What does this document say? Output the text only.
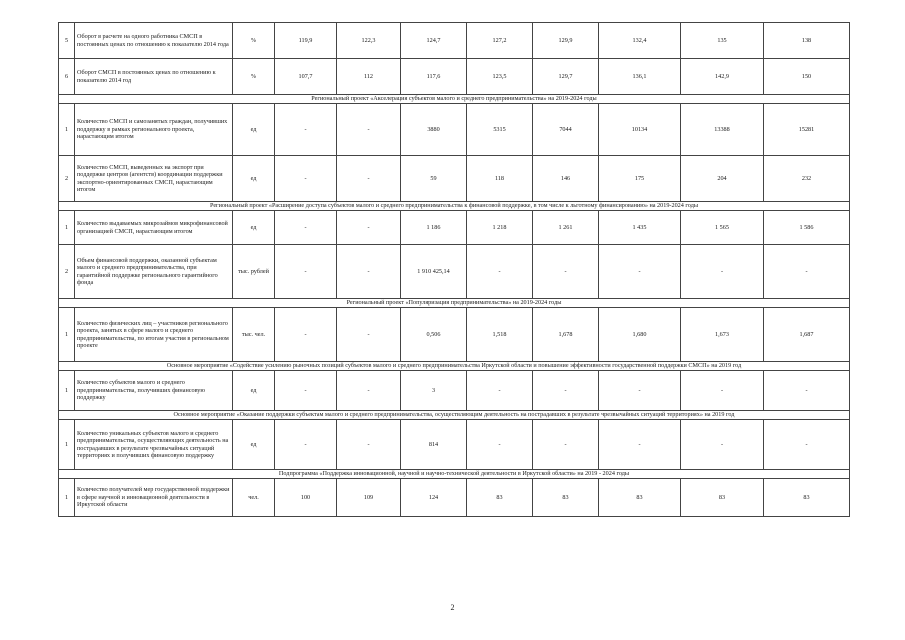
5	Оборот в расчете на одного работника СМСП в постоянных ценах по отношению к показателю 2014 года	%	119,9	122,3	124,7	127,2	129,9	132,4	135	138
6	Оборот СМСП в постоянных ценах по отношению к показателю 2014 год	%	107,7	112	117,6	123,5	129,7	136,1	142,9	150
Региональный проект «Акселерация субъектов малого и среднего предпринимательства» на 2019-2024 годы										
1	Количество СМСП и самозанятых граждан, получивших поддержку в рамках регионального проекта, нарастающим итогом	ед	-	-	3880	5315	7044	10134	13388	15281
2	Количество СМСП, выведенных на экспорт при поддержке центров (агентств) координации поддержки экспортно-ориентированных СМСП, нарастающим итогом	ед	-	-	59	118	146	175	204	232
Региональный проект «Расширение доступа субъектов малого и среднего предпринимательства к финансовой поддержке, в том числе к льготному финансированию» на 2019-2024 годы										
1	Количество выдаваемых микрозаймов микрофинансовой организацией СМСП, нарастающим итогом	ед	-	-	1 186	1 218	1 261	1 435	1 565	1 586
2	Объем финансовой поддержки, оказанной субъектам малого и среднего предпринимательства, при гарантийной поддержке регионального гарантийного фонда	тыс. рублей	-	-	1 910 425,14	-	-	-	-	-
Региональный проект «Популяризация предпринимательства» на 2019-2024 годы										
1	Количество физических лиц – участников регионального проекта, занятых в сфере малого и среднего предпринимательства, по итогам участия в региональном проекте	тыс. чел.	-	-	0,506	1,518	1,678	1,680	1,673	1,687
Основное мероприятие «Содействие усилению рыночных позиций субъектов малого и среднего предпринимательства Иркутской области и повышение эффективности государственной поддержки СМСП» на 2019 год										
1	Количество субъектов малого и среднего предпринимательства, получивших финансовую поддержку	ед	-	-	3	-	-	-	-	-
Основное мероприятие «Оказание поддержки субъектам малого и среднего предпринимательства, осуществляющим деятельность на пострадавших в результате чрезвычайных ситуаций территориях» на 2019 год										
1	Количество уникальных субъектов малого и среднего предпринимательства, осуществляющих деятельность на пострадавших в результате чрезвычайных ситуаций территориях и получивших финансовую поддержку	ед	-	-	814	-	-	-	-	-
Подпрограмма «Поддержка инновационной, научной и научно-технической деятельности в Иркутской области» на 2019 - 2024 годы										
1	Количество получателей мер государственной поддержки в сфере научной и инновационной деятельности в Иркутской области	чел.	100	109	124	83	83	83	83	83
2
